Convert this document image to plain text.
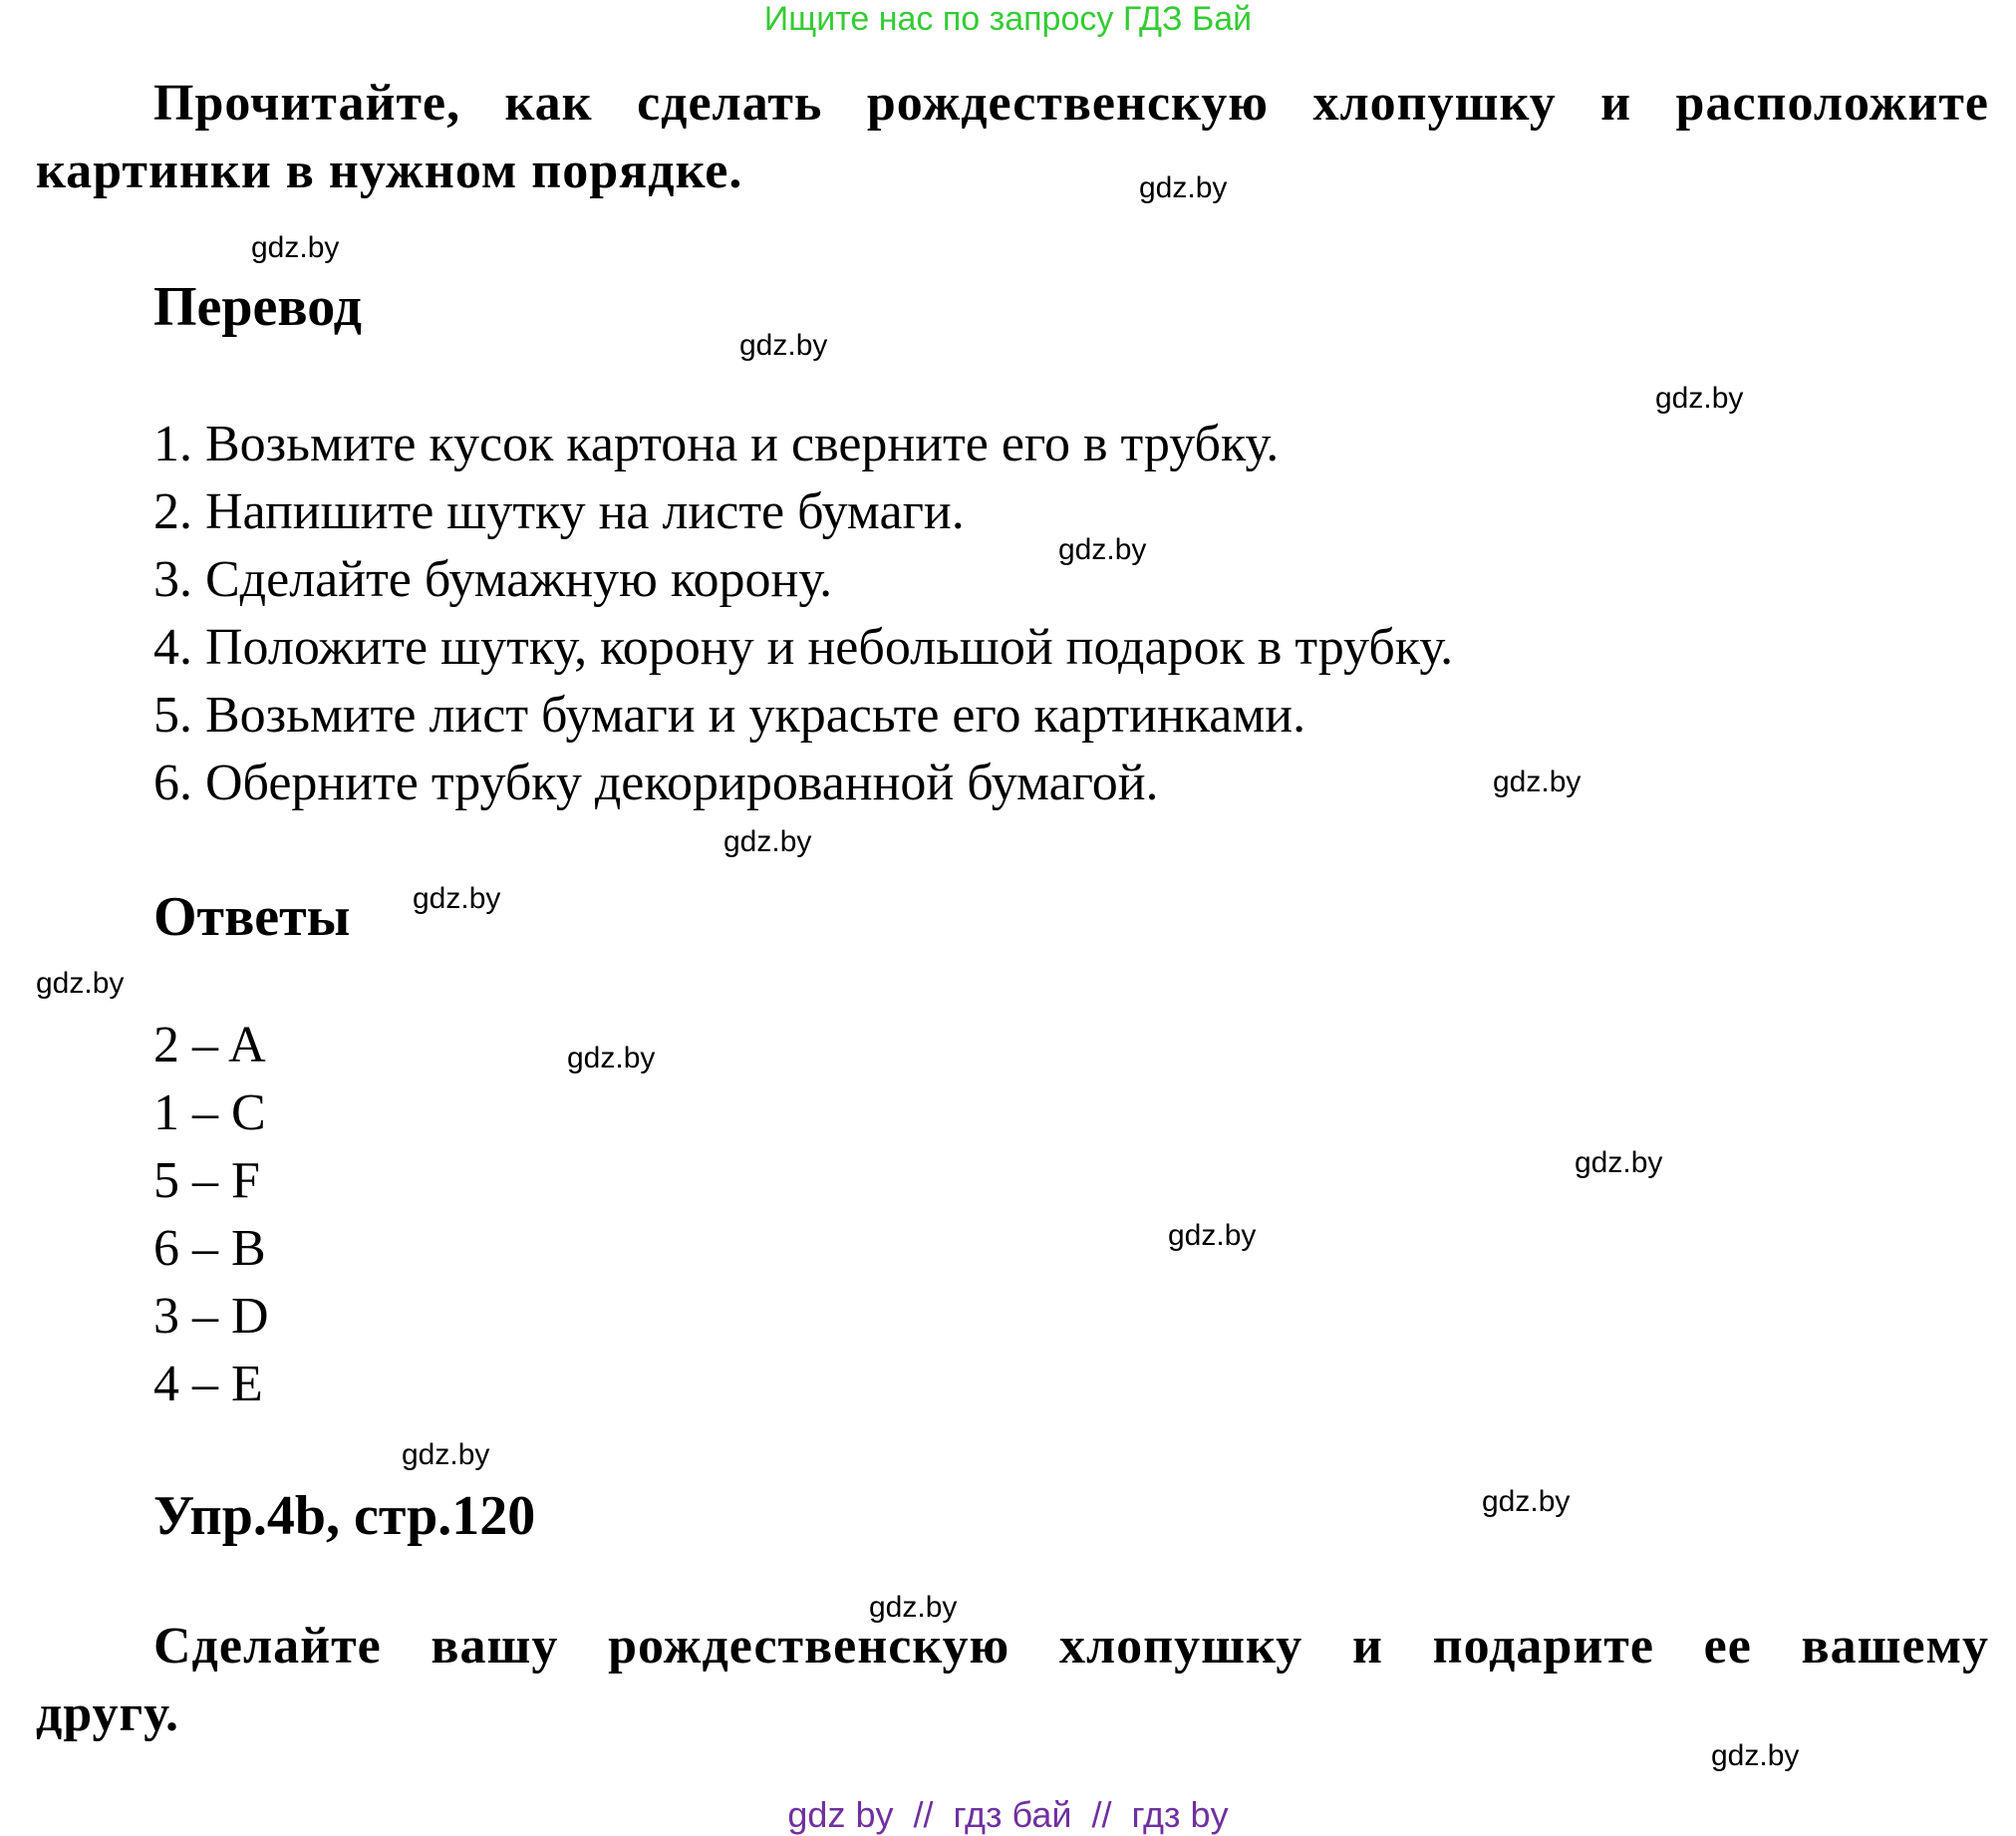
Ищите нас по запросу ГДЗ Бай
Прочитайте, как сделать рождественскую хлопушку и расположите
картинки в нужном порядке.
Перевод
1. Возьмите кусок картона и сверните его в трубку.
2. Напишите шутку на листе бумаги.
3. Сделайте бумажную корону.
4. Положите шутку, корону и небольшой подарок в трубку.
5. Возьмите лист бумаги и украсьте его картинками.
6. Оберните трубку декорированной бумагой.
Ответы
2 – A
1 – C
5 – F
6 – B
3 – D
4 – E
Упр.4b, стр.120
Сделайте вашу рождественскую хлопушку и подарите ее вашему
другу.
gdz.by
gdz.by
gdz.by
gdz.by
gdz.by
gdz.by
gdz.by
gdz.by
gdz.by
gdz.by
gdz.by
gdz.by
gdz.by
gdz.by
gdz.by
gdz.by
gdz by // гдз бай // гдз by
